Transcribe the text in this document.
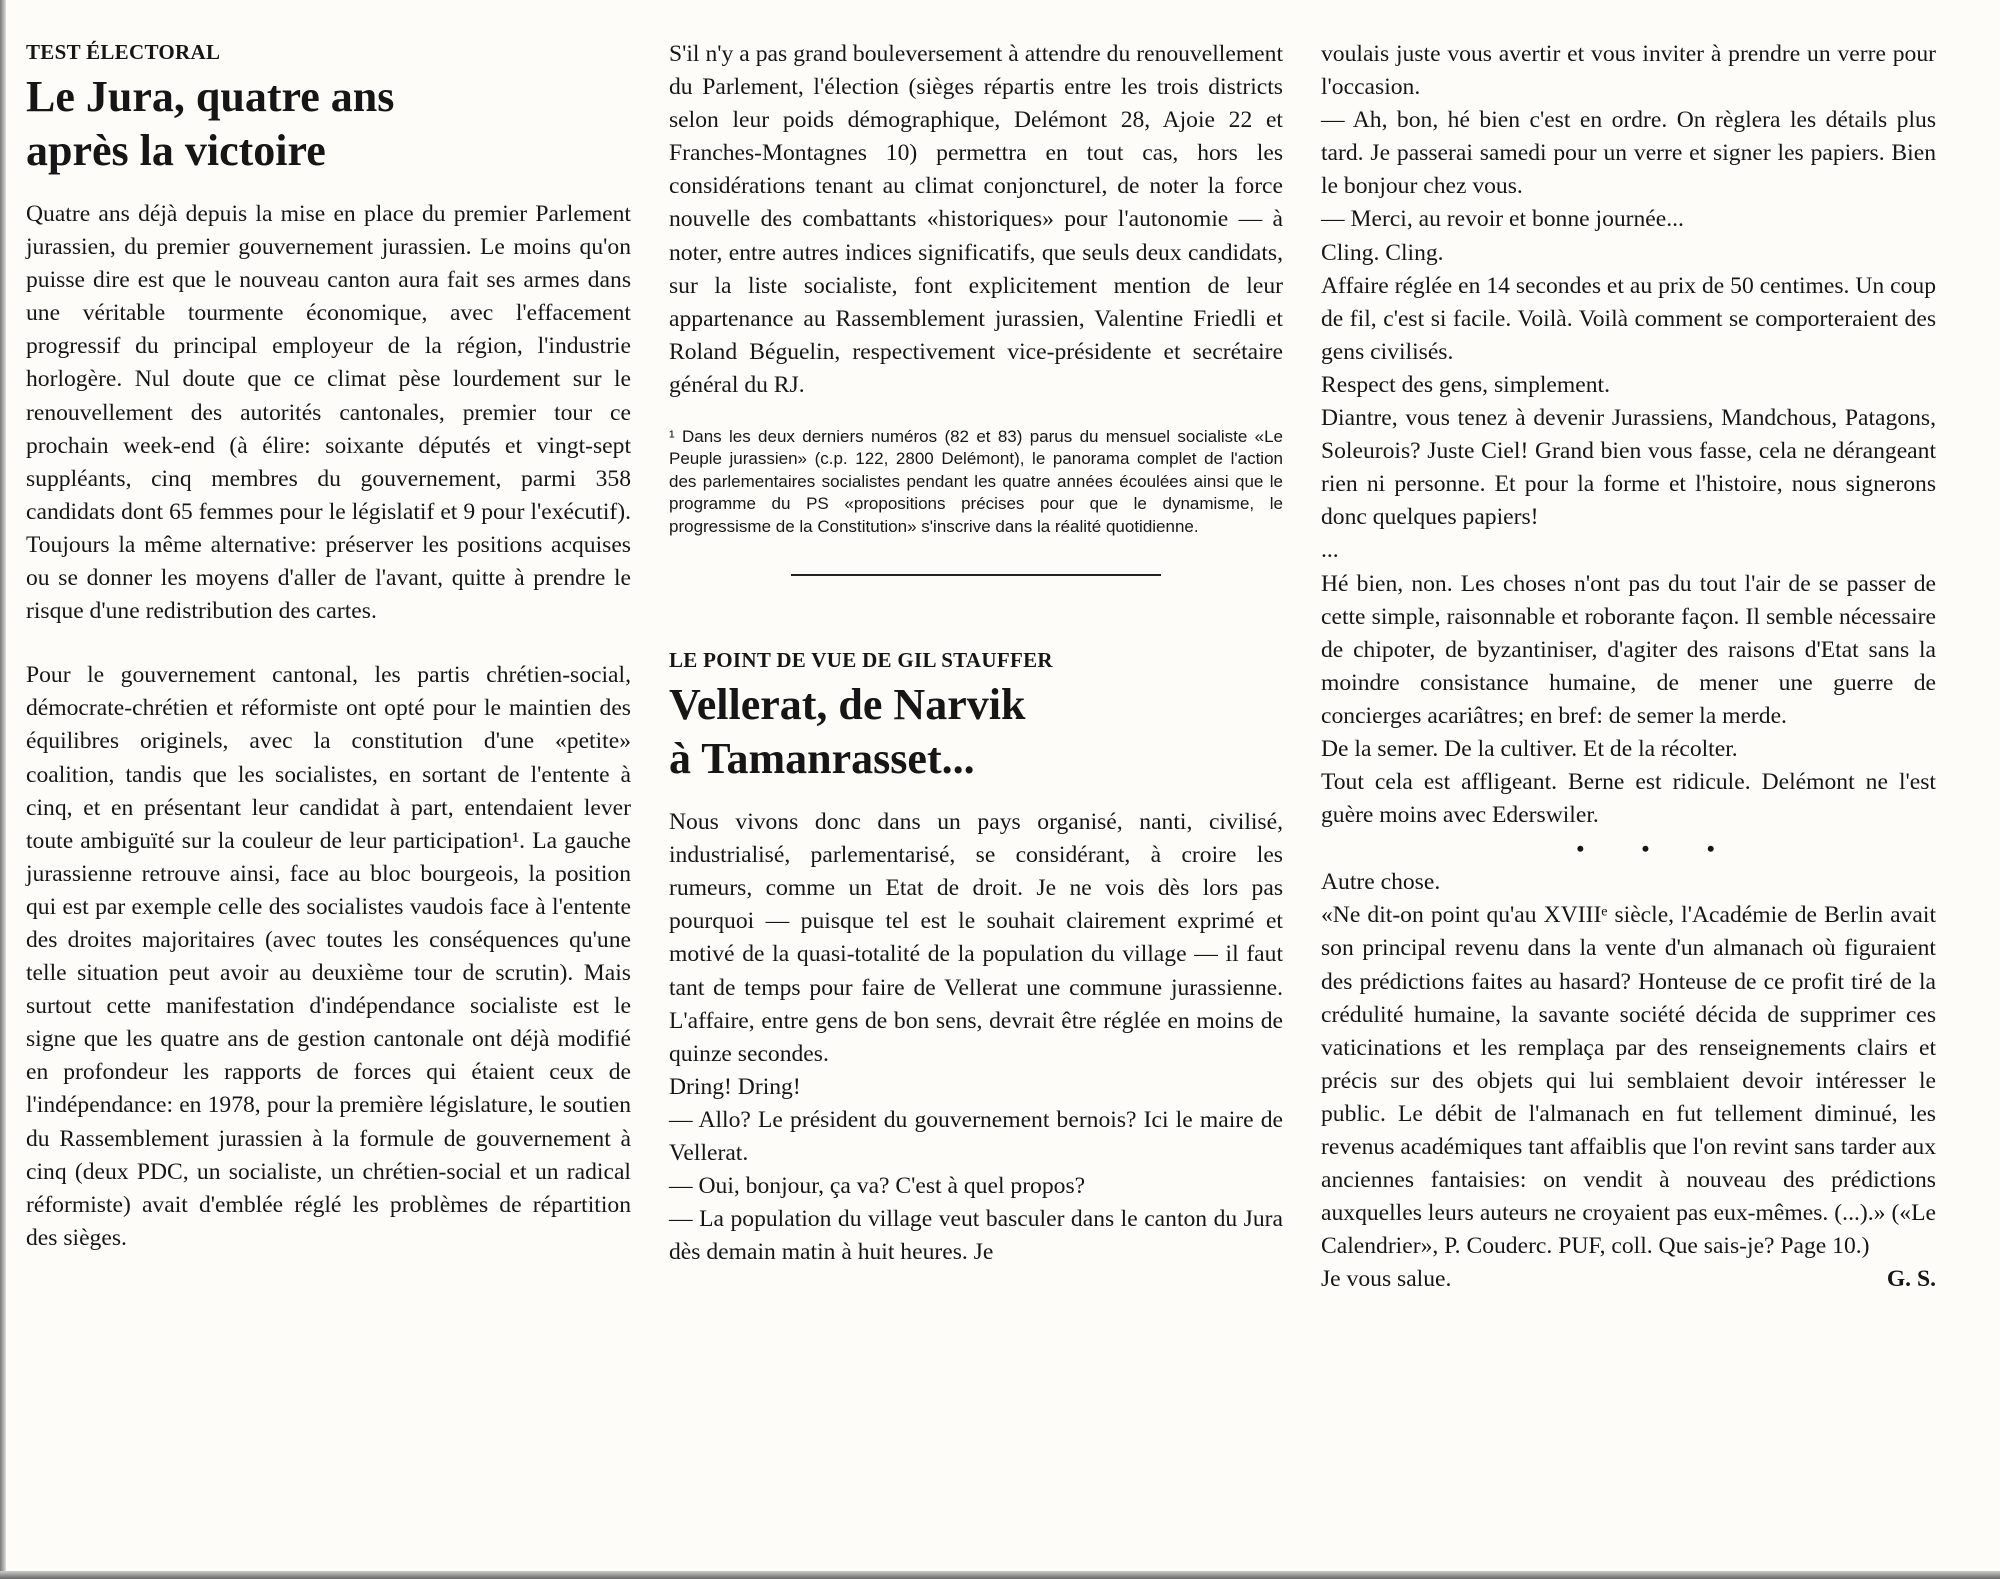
TEST ÉLECTORAL
Le Jura, quatre ans
après la victoire

Quatre ans déjà depuis la mise en place du premier Parlement jurassien, du premier gouvernement jurassien. Le moins qu'on puisse dire est que le nouveau canton aura fait ses armes dans une véritable tourmente économique, avec l'effacement progressif du principal employeur de la région, l'industrie horlogère. Nul doute que ce climat pèse lourdement sur le renouvellement des autorités cantonales, premier tour ce prochain week-end (à élire: soixante députés et vingt-sept suppléants, cinq membres du gouvernement, parmi 358 candidats dont 65 femmes pour le législatif et 9 pour l'exécutif). Toujours la même alternative: préserver les positions acquises ou se donner les moyens d'aller de l'avant, quitte à prendre le risque d'une redistribution des cartes.

Pour le gouvernement cantonal, les partis chrétien-social, démocrate-chrétien et réformiste ont opté pour le maintien des équilibres originels, avec la constitution d'une «petite» coalition, tandis que les socialistes, en sortant de l'entente à cinq, et en présentant leur candidat à part, entendaient lever toute ambiguïté sur la couleur de leur participation¹. La gauche jurassienne retrouve ainsi, face au bloc bourgeois, la position qui est par exemple celle des socialistes vaudois face à l'entente des droites majoritaires (avec toutes les conséquences qu'une telle situation peut avoir au deuxième tour de scrutin). Mais surtout cette manifestation d'indépendance socialiste est le signe que les quatre ans de gestion cantonale ont déjà modifié en profondeur les rapports de forces qui étaient ceux de l'indépendance: en 1978, pour la première législature, le soutien du Rassemblement jurassien à la formule de gouvernement à cinq (deux PDC, un socialiste, un chrétien-social et un radical réformiste) avait d'emblée réglé les problèmes de répartition des sièges.

S'il n'y a pas grand bouleversement à attendre du renouvellement du Parlement, l'élection (sièges répartis entre les trois districts selon leur poids démographique, Delémont 28, Ajoie 22 et Franches-Montagnes 10) permettra en tout cas, hors les considérations tenant au climat conjoncturel, de noter la force nouvelle des combattants «historiques» pour l'autonomie — à noter, entre autres indices significatifs, que seuls deux candidats, sur la liste socialiste, font explicitement mention de leur appartenance au Rassemblement jurassien, Valentine Friedli et Roland Béguelin, respectivement vice-présidente et secrétaire général du RJ.

¹ Dans les deux derniers numéros (82 et 83) parus du mensuel socialiste «Le Peuple jurassien» (c.p. 122, 2800 Delémont), le panorama complet de l'action des parlementaires socialistes pendant les quatre années écoulées ainsi que le programme du PS «propositions précises pour que le dynamisme, le progressisme de la Constitution» s'inscrive dans la réalité quotidienne.

LE POINT DE VUE DE GIL STAUFFER
Vellerat, de Narvik
à Tamanrasset...

Nous vivons donc dans un pays organisé, nanti, civilisé, industrialisé, parlementarisé, se considérant, à croire les rumeurs, comme un Etat de droit. Je ne vois dès lors pas pourquoi — puisque tel est le souhait clairement exprimé et motivé de la quasi-totalité de la population du village — il faut tant de temps pour faire de Vellerat une commune jurassienne. L'affaire, entre gens de bon sens, devrait être réglée en moins de quinze secondes.

Dring! Dring!

— Allo? Le président du gouvernement bernois? Ici le maire de Vellerat.

— Oui, bonjour, ça va? C'est à quel propos?

— La population du village veut basculer dans le canton du Jura dès demain matin à huit heures. Je

voulais juste vous avertir et vous inviter à prendre un verre pour l'occasion.

— Ah, bon, hé bien c'est en ordre. On règlera les détails plus tard. Je passerai samedi pour un verre et signer les papiers. Bien le bonjour chez vous.

— Merci, au revoir et bonne journée...

Cling. Cling.

Affaire réglée en 14 secondes et au prix de 50 centimes. Un coup de fil, c'est si facile. Voilà. Voilà comment se comporteraient des gens civilisés.

Respect des gens, simplement.

Diantre, vous tenez à devenir Jurassiens, Mandchous, Patagons, Soleurois? Juste Ciel! Grand bien vous fasse, cela ne dérangeant rien ni personne. Et pour la forme et l'histoire, nous signerons donc quelques papiers!

...

Hé bien, non. Les choses n'ont pas du tout l'air de se passer de cette simple, raisonnable et roborante façon. Il semble nécessaire de chipoter, de byzantiniser, d'agiter des raisons d'Etat sans la moindre consistance humaine, de mener une guerre de concierges acariâtres; en bref: de semer la merde.

De la semer. De la cultiver. Et de la récolter.

Tout cela est affligeant. Berne est ridicule. Delémont ne l'est guère moins avec Ederswiler.

• • •

Autre chose.

«Ne dit-on point qu'au XVIIIᵉ siècle, l'Académie de Berlin avait son principal revenu dans la vente d'un almanach où figuraient des prédictions faites au hasard? Honteuse de ce profit tiré de la crédulité humaine, la savante société décida de supprimer ces vaticinations et les remplaça par des renseignements clairs et précis sur des objets qui lui semblaient devoir intéresser le public. Le débit de l'almanach en fut tellement diminué, les revenus académiques tant affaiblis que l'on revint sans tarder aux anciennes fantaisies: on vendit à nouveau des prédictions auxquelles leurs auteurs ne croyaient pas eux-mêmes. (...).» («Le Calendrier», P. Couderc. PUF, coll. Que sais-je? Page 10.)

Je vous salue.	G. S.
